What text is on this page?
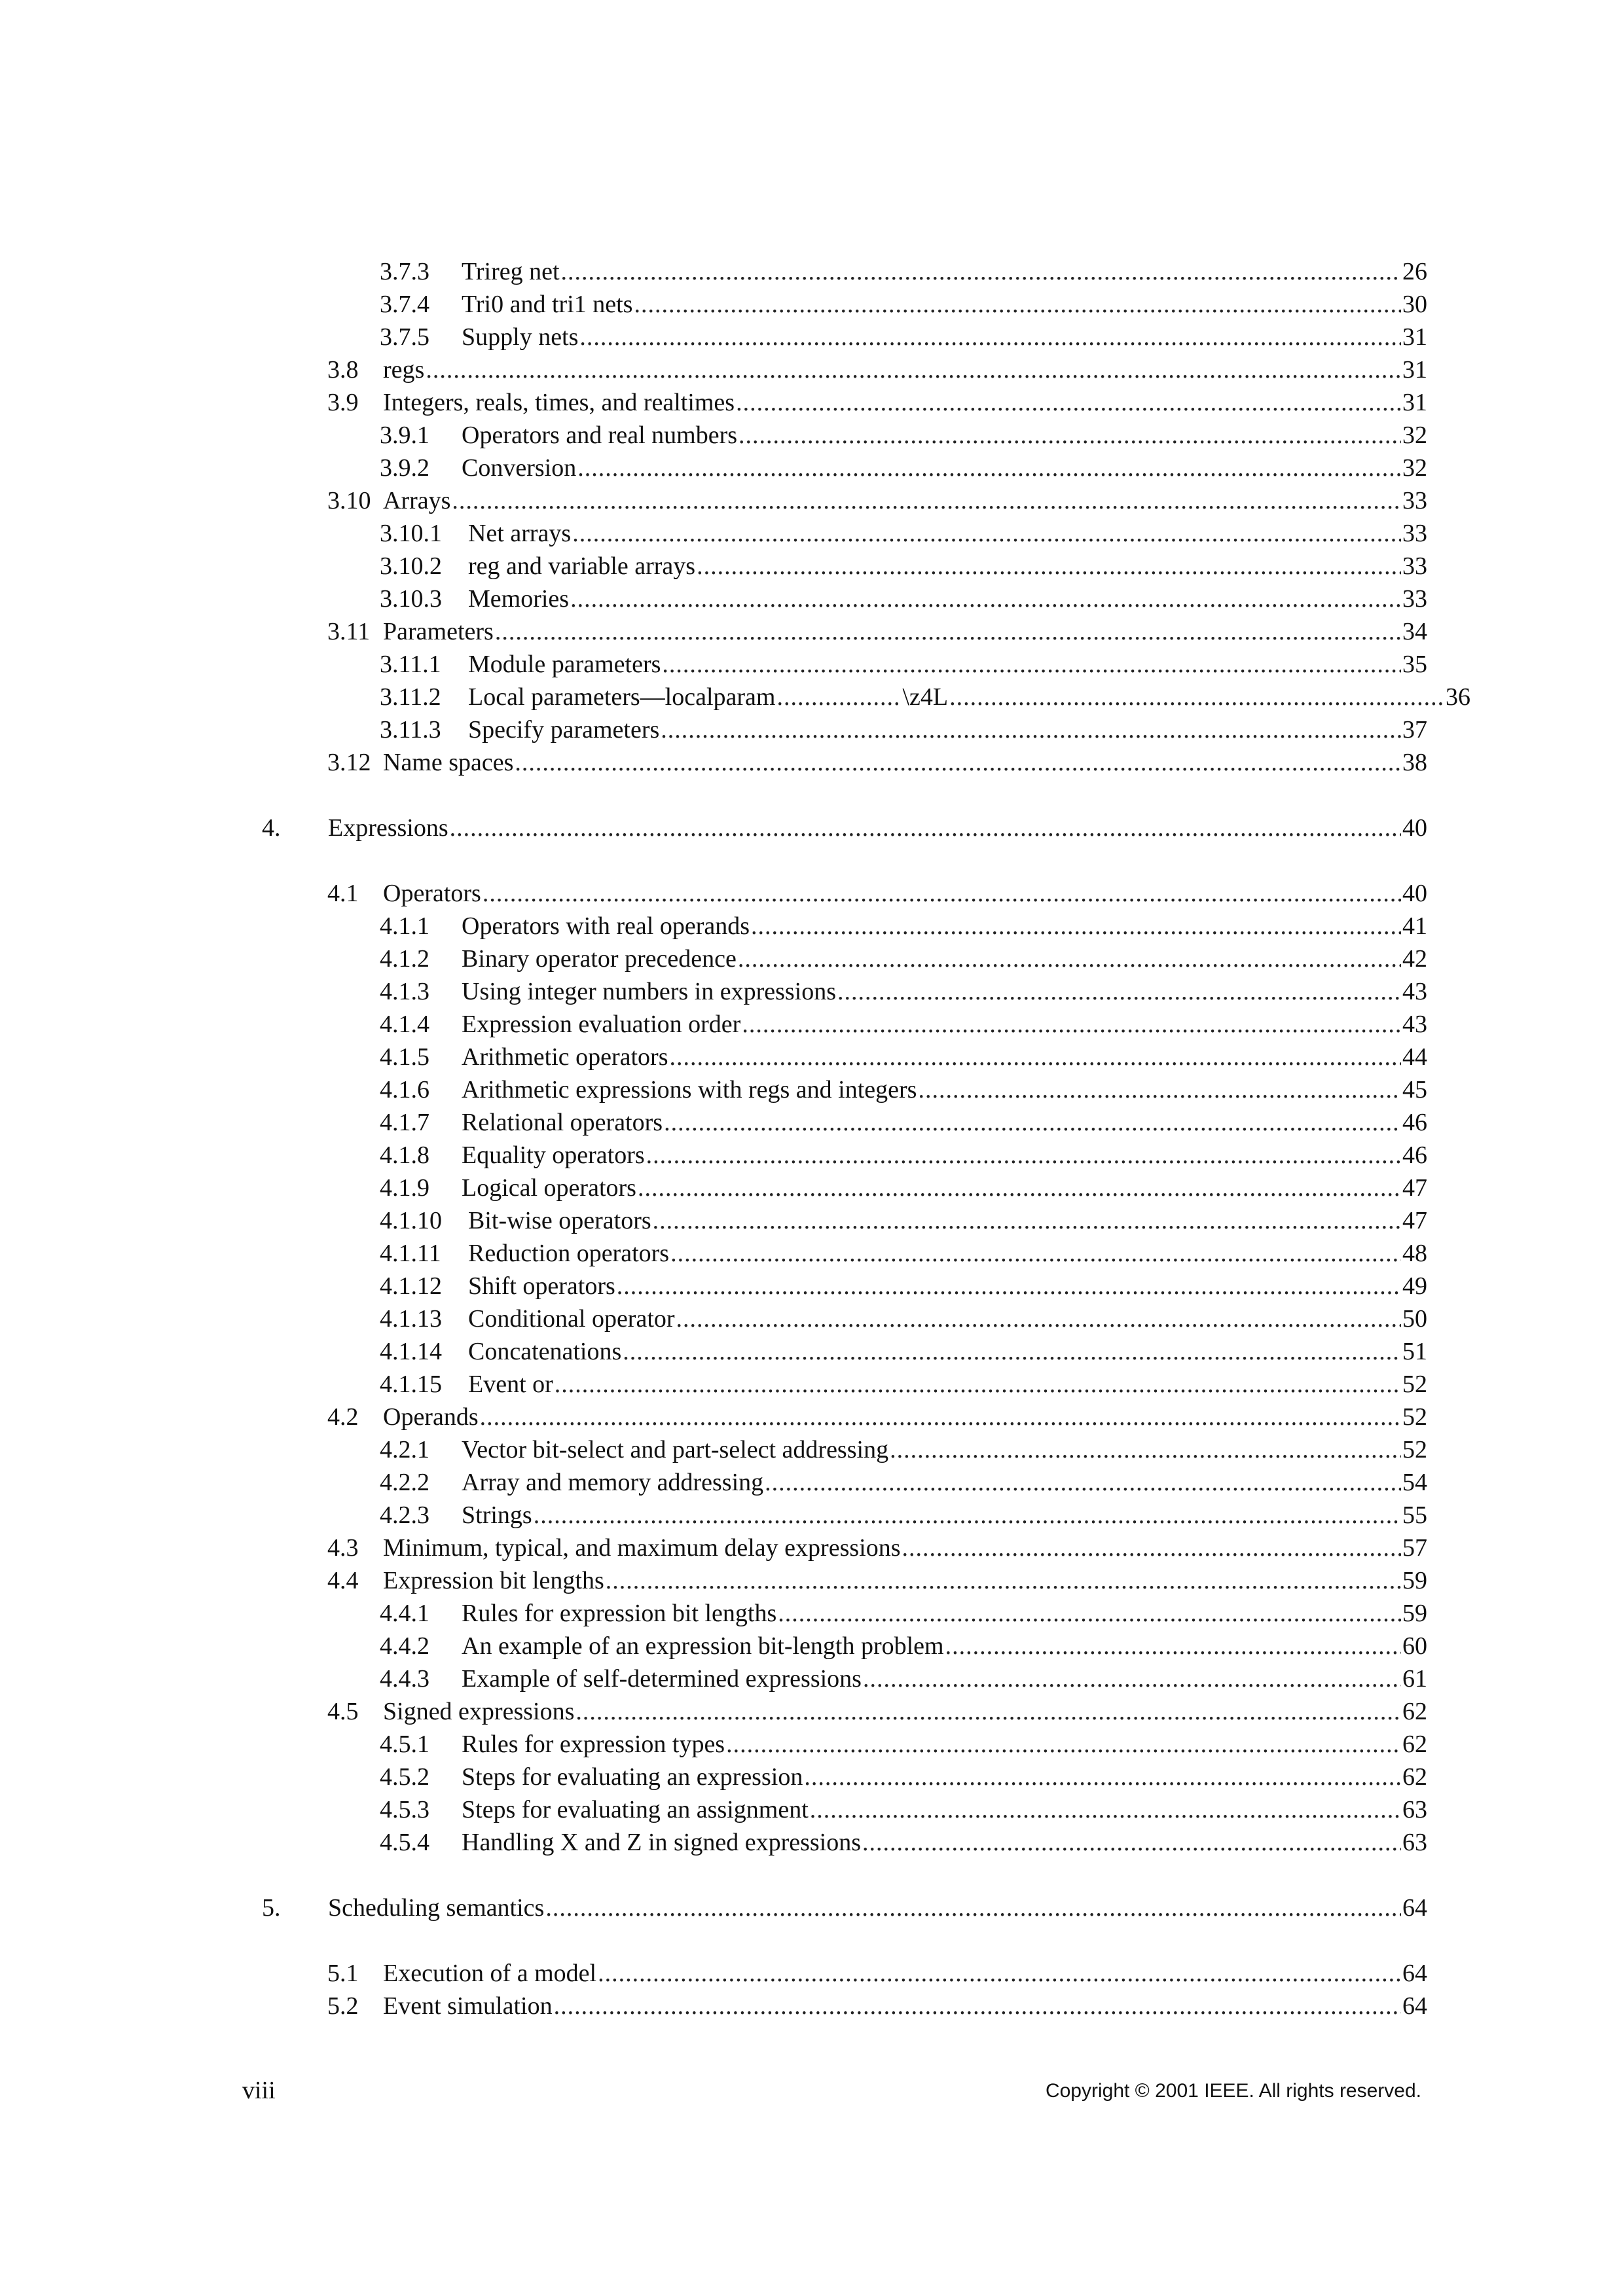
3.7.3	Trireg net .....	26
3.7.4	Tri0 and tri1 nets .....	30
3.7.5	Supply nets .....	31
3.8 regs .....	31
3.9 Integers, reals, times, and realtimes .....	31
3.9.1	Operators and real numbers .....	32
3.9.2	Conversion .....	32
3.10 Arrays .....	33
3.10.1	Net arrays .....	33
3.10.2	reg and variable arrays .....	33
3.10.3	Memories .....	33
3.11 Parameters .....	34
3.11.1	Module parameters .....	35
3.11.2	Local parameters—localparam .....	\z4L .....	36
3.11.3	Specify parameters .....	37
3.12 Name spaces .....	38
4.	Expressions .....	40
4.1 Operators .....	40
4.1.1	Operators with real operands .....	41
4.1.2	Binary operator precedence .....	42
4.1.3	Using integer numbers in expressions .....	43
4.1.4	Expression evaluation order .....	43
4.1.5	Arithmetic operators .....	44
4.1.6	Arithmetic expressions with regs and integers .....	45
4.1.7	Relational operators .....	46
4.1.8	Equality operators .....	46
4.1.9	Logical operators .....	47
4.1.10	Bit-wise operators .....	47
4.1.11	Reduction operators .....	48
4.1.12	Shift operators .....	49
4.1.13	Conditional operator .....	50
4.1.14	Concatenations .....	51
4.1.15	Event or .....	52
4.2 Operands .....	52
4.2.1	Vector bit-select and part-select addressing .....	52
4.2.2	Array and memory addressing .....	54
4.2.3	Strings .....	55
4.3 Minimum, typical, and maximum delay expressions .....	57
4.4 Expression bit lengths .....	59
4.4.1	Rules for expression bit lengths .....	59
4.4.2	An example of an expression bit-length problem .....	60
4.4.3	Example of self-determined expressions .....	61
4.5 Signed expressions .....	62
4.5.1	Rules for expression types .....	62
4.5.2	Steps for evaluating an expression .....	62
4.5.3	Steps for evaluating an assignment .....	63
4.5.4	Handling X and Z in signed expressions .....	63
5.	Scheduling semantics .....	64
5.1 Execution of a model .....	64
5.2 Event simulation .....	64
viii	Copyright © 2001 IEEE. All rights reserved.
